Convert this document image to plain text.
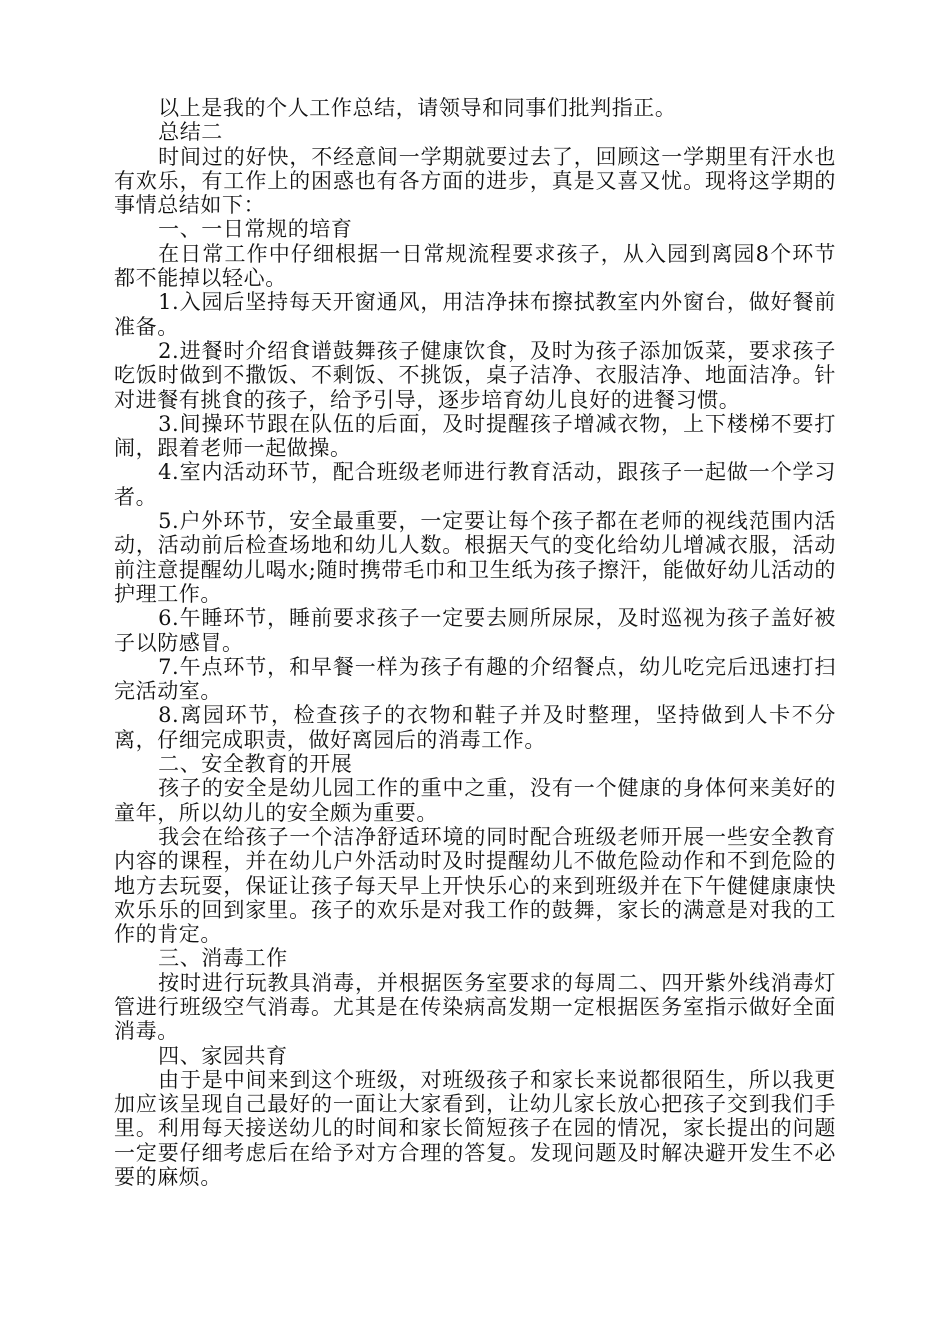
以上是我的个人工作总结，请领导和同事们批判指正。

总结二

时间过的好快，不经意间一学期就要过去了，回顾这一学期里有汗水也有欢乐，有工作上的困惑也有各方面的进步，真是又喜又忧。现将这学期的事情总结如下：

一、一日常规的培育

在日常工作中仔细根据一日常规流程要求孩子，从入园到离园8个环节都不能掉以轻心。

1.入园后坚持每天开窗通风，用洁净抹布擦拭教室内外窗台，做好餐前准备。

2.进餐时介绍食谱鼓舞孩子健康饮食，及时为孩子添加饭菜，要求孩子吃饭时做到不撒饭、不剩饭、不挑饭，桌子洁净、衣服洁净、地面洁净。针对进餐有挑食的孩子，给予引导，逐步培育幼儿良好的进餐习惯。

3.间操环节跟在队伍的后面，及时提醒孩子增减衣物，上下楼梯不要打闹，跟着老师一起做操。

4.室内活动环节，配合班级老师进行教育活动，跟孩子一起做一个学习者。

5.户外环节，安全最重要，一定要让每个孩子都在老师的视线范围内活动，活动前后检查场地和幼儿人数。根据天气的变化给幼儿增减衣服，活动前注意提醒幼儿喝水;随时携带毛巾和卫生纸为孩子擦汗，能做好幼儿活动的护理工作。

6.午睡环节，睡前要求孩子一定要去厕所尿尿，及时巡视为孩子盖好被子以防感冒。

7.午点环节，和早餐一样为孩子有趣的介绍餐点，幼儿吃完后迅速打扫完活动室。

8.离园环节，检查孩子的衣物和鞋子并及时整理，坚持做到人卡不分离，仔细完成职责，做好离园后的消毒工作。

二、安全教育的开展

孩子的安全是幼儿园工作的重中之重，没有一个健康的身体何来美好的童年，所以幼儿的安全颇为重要。

我会在给孩子一个洁净舒适环境的同时配合班级老师开展一些安全教育内容的课程，并在幼儿户外活动时及时提醒幼儿不做危险动作和不到危险的地方去玩耍，保证让孩子每天早上开快乐心的来到班级并在下午健健康康快欢乐乐的回到家里。孩子的欢乐是对我工作的鼓舞，家长的满意是对我的工作的肯定。

三、消毒工作

按时进行玩教具消毒，并根据医务室要求的每周二、四开紫外线消毒灯管进行班级空气消毒。尤其是在传染病高发期一定根据医务室指示做好全面消毒。

四、家园共育

由于是中间来到这个班级，对班级孩子和家长来说都很陌生，所以我更加应该呈现自己最好的一面让大家看到，让幼儿家长放心把孩子交到我们手里。利用每天接送幼儿的时间和家长简短孩子在园的情况，家长提出的问题一定要仔细考虑后在给予对方合理的答复。发现问题及时解决避开发生不必要的麻烦。
